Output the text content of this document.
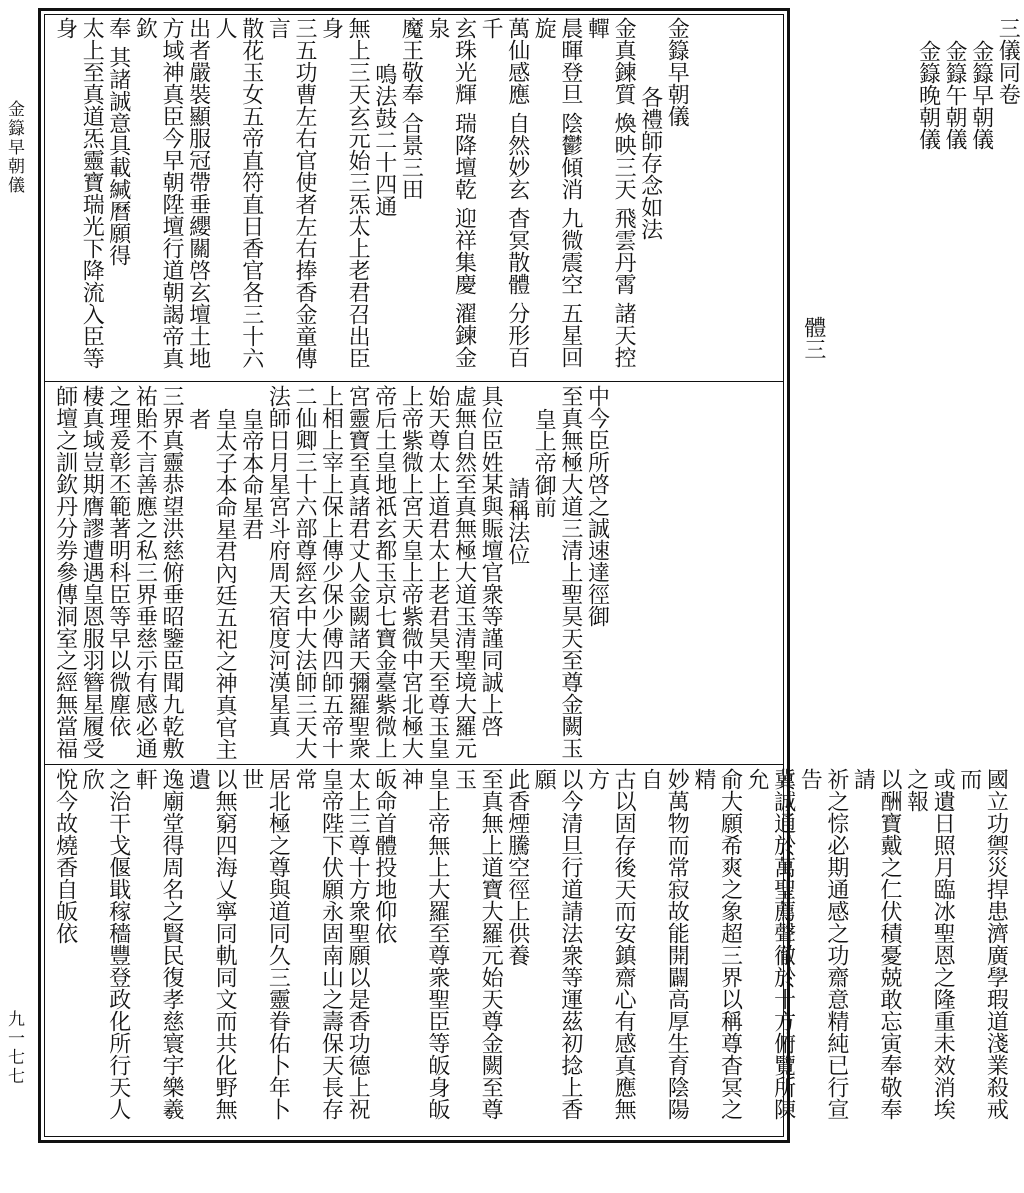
金籙早朝儀
九一七七
三儀同卷
金籙早朝儀
金籙午朝儀
金籙晚朝儀
體三
金籙早朝儀
各禮師存念如法
金真鍊質 煥映三天 飛雲丹霄 諸天控䡲
晨暉登旦 陰鬱傾消 九微震空 五星回旋
萬仙感應 自然妙玄 杳冥散體 分形百千
玄珠光輝 瑞降壇乾 迎祥集慶 濯鍊金泉
魔王敬奉 合景三田
鳴法鼓二十四通
無上三天玄元始三炁太上老君召出臣身
三五功曹左右官使者左右捧香金童傳言
散花玉女五帝直符直日香官各三十六人
出者嚴裝顯服冠帶垂纓關啓玄壇土地
方域神真臣今早朝陞壇行道朝謁帝真欽
奉 其諸誠意具載緘曆願得
太上至真道炁靈寶瑞光下降流入臣等身
中今臣所啓之誠速達徑御
至真無極大道三清上聖昊天至尊金闕玉
皇上帝御前
請稱法位
具位臣姓某與賑壇官衆等謹同誠上啓
虛無自然至真無極大道玉清聖境大羅元
始天尊太上道君太上老君昊天至尊玉皇
上帝紫微上宮天皇上帝紫微中宮北極大
帝后土皇地祇玄都玉京七寶金臺紫微上
宮靈寶至真諸君丈人金闕諸天彌羅聖衆
上相上宰上保上傳少保少傅四師五帝十
二仙卿三十六部尊經玄中大法師三天大
法師日月星宮斗府周天宿度河漢星真
皇帝本命星君
皇太子本命星君內廷五祀之神真官主者
三界真靈恭望洪慈俯垂昭鑒臣聞九乾敷
祐貽不言善應之私三界垂慈示有感必通
之理爰彰丕範著明科臣等早以微塵依
棲真域豈期膺謬遭遇皇恩服羽簪星履受
師壇之訓欽丹分券參傳洞室之經無當福
國立功禦災捍患濟廣學瑕道淺業殺戒而
或遺日照月臨冰聖恩之隆重未效消埃之報
以酬寶戴之仁伏積憂兢敢忘寅奉敬奉請
祈之悰必期通感之功齋意精純已行宣告
冀誠通於萬聖薦聲徹於十方俯覽所陳允
俞大願希爽之象超三界以稱尊杳冥之精
妙萬物而常寂故能開闢高厚生育陰陽自
古以固存後天而安鎮齋心有感真應無方
以今清旦行道請法衆等運茲初捻上香願
此香煙騰空徑上供養
至真無上道寶大羅元始天尊金闕至尊玉
皇上帝無上大羅至尊衆聖臣等皈身皈神
皈命首體投地仰依
太上三尊十方衆聖願以是香功德上祝
皇帝陛下伏願永固南山之壽保天長存常
居北極之尊與道同久三靈眷佑卜年卜世
以無窮四海乂寧同軌同文而共化野無遺
逸廟堂得周名之賢民復孝慈寰宇樂羲軒
之治干戈偃戢稼穡豐登政化所行天人欣
悅今故燒香自皈依
